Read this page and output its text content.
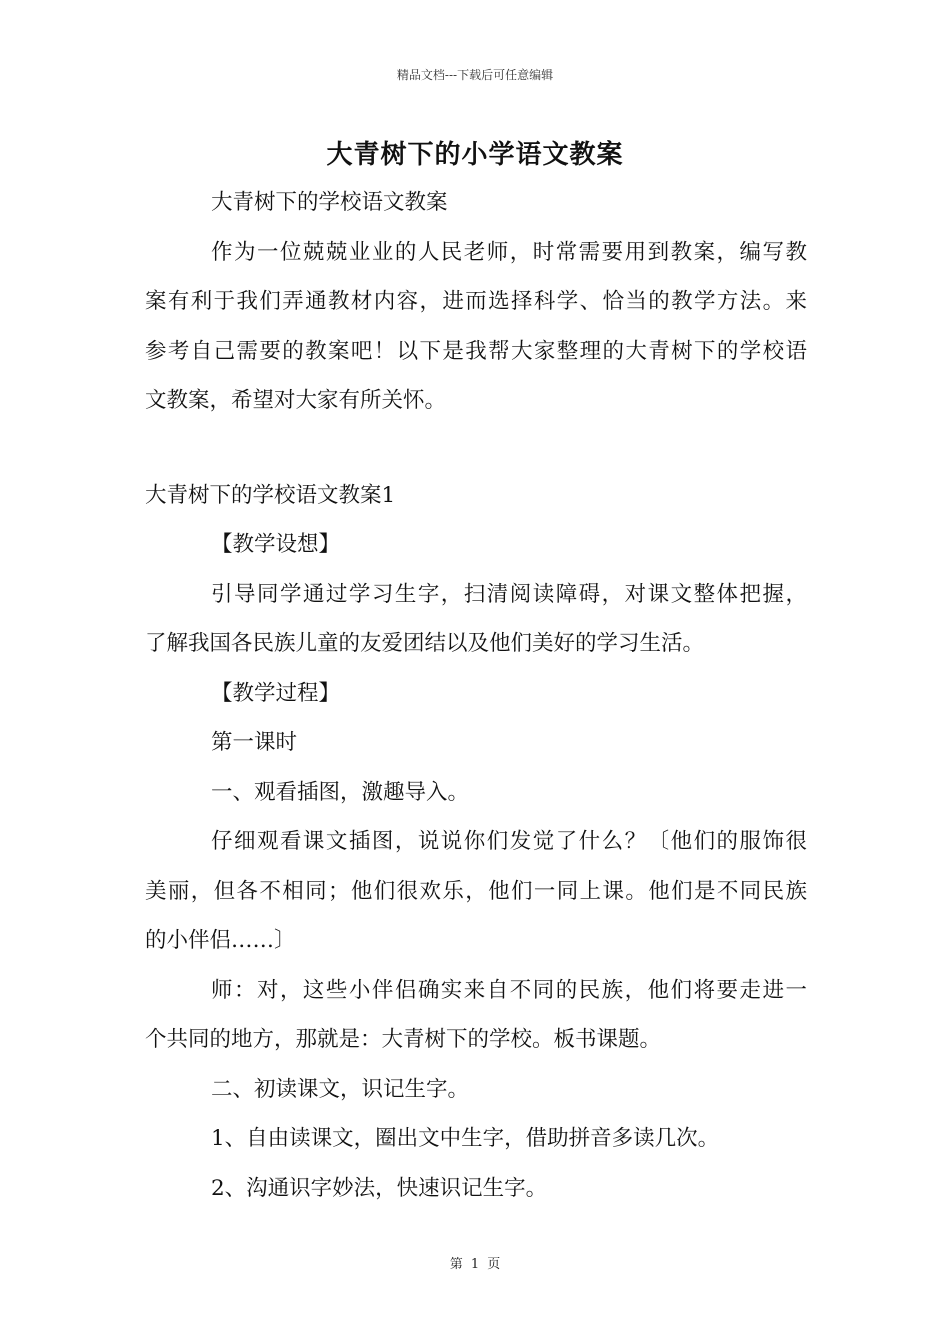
精品文档---下载后可任意编辑
大青树下的小学语文教案
大青树下的学校语文教案
作为一位兢兢业业的人民老师，时常需要用到教案，编写教
案有利于我们弄通教材内容，进而选择科学、恰当的教学方法。来
参考自己需要的教案吧！以下是我帮大家整理的大青树下的学校语
文教案，希望对大家有所关怀。
大青树下的学校语文教案1
【教学设想】
引导同学通过学习生字，扫清阅读障碍，对课文整体把握，
了解我国各民族儿童的友爱团结以及他们美好的学习生活。
【教学过程】
第一课时
一、观看插图，激趣导入。
仔细观看课文插图，说说你们发觉了什么？〔他们的服饰很
美丽，但各不相同；他们很欢乐，他们一同上课。他们是不同民族
的小伴侣……〕
师：对，这些小伴侣确实来自不同的民族，他们将要走进一
个共同的地方，那就是：大青树下的学校。板书课题。
二、初读课文，识记生字。
1、自由读课文，圈出文中生字，借助拼音多读几次。
2、沟通识字妙法，快速识记生字。
第 1 页
